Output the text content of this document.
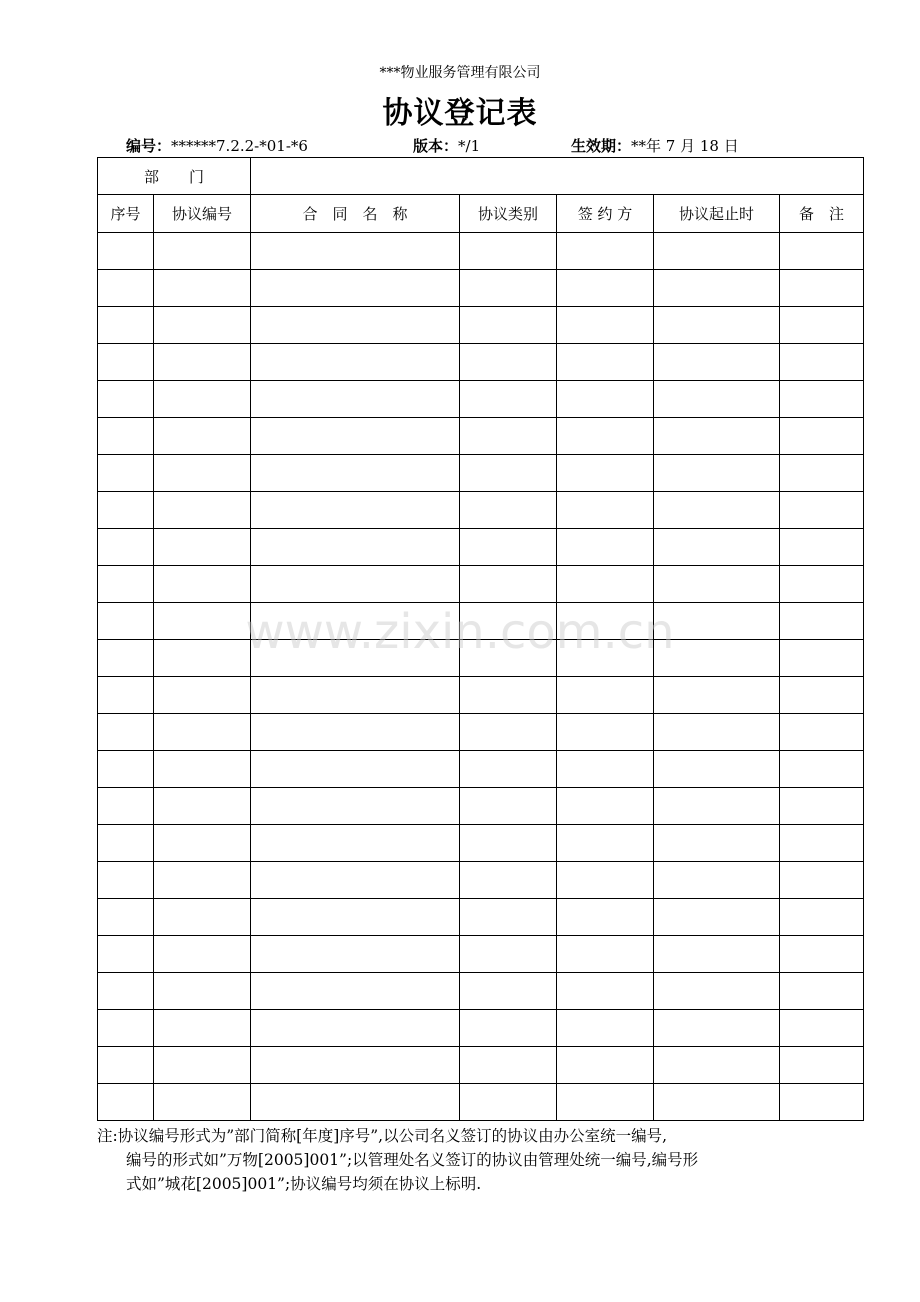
***物业服务管理有限公司
协议登记表
编号：******7.2.2-*01-*6	版本：*/1	生效期：**年 7 月 18 日
部　　门						
序号	协议编号	合　同　名　称	协议类别	签 约 方	协议起止时	备　注

www.zixin.com.cn
注:协议编号形式为”部门简称[年度]序号”,以公司名义签订的协议由办公室统一编号,
编号的形式如”万物[2005]001”;以管理处名义签订的协议由管理处统一编号,编号形
式如”城花[2005]001”;协议编号均须在协议上标明.
